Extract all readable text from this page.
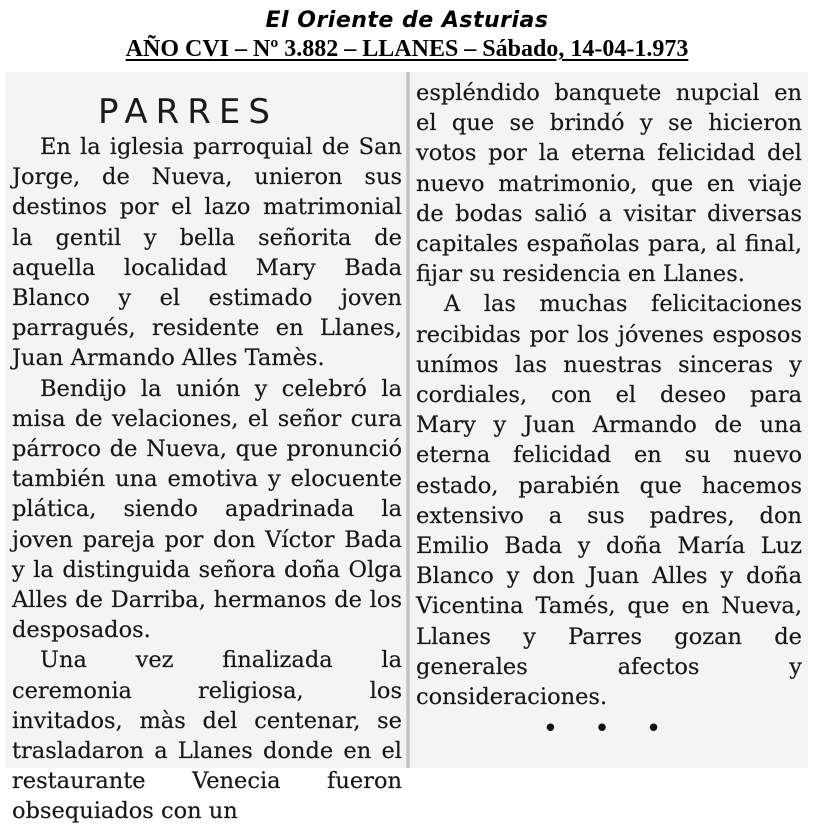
El Oriente de Asturias
AÑO CVI – Nº 3.882 – LLANES – Sábado, 14-04-1.973
PARRES

En la iglesia parroquial de San Jorge, de Nueva, unieron sus destinos por el lazo matrimonial la gentil y bella señorita de aquella localidad Mary Bada Blanco y el estimado joven parragués, residente en Llanes, Juan Armando Alles Tamès.

Bendijo la unión y celebró la misa de velaciones, el señor cura párroco de Nueva, que pronunció también una emotiva y elocuente plática, siendo apadrinada la joven pareja por don Víctor Bada y la distinguida señora doña Olga Alles de Darriba, hermanos de los desposados.

Una vez finalizada la ceremonia religiosa, los invitados, màs del centenar, se trasladaron a Llanes donde en el restaurante Venecia fueron obsequiados con un

espléndido banquete nupcial en el que se brindó y se hicieron votos por la eterna felicidad del nuevo matrimonio, que en viaje de bodas salió a visitar diversas capitales españolas para, al final, fijar su residencia en Llanes.

A las muchas felicitaciones recibidas por los jóvenes esposos unímos las nuestras sinceras y cordiales, con el deseo para Mary y Juan Armando de una eterna felicidad en su nuevo estado, parabién que hacemos extensivo a sus padres, don Emilio Bada y doña María Luz Blanco y don Juan Alles y doña Vicentina Tamés, que en Nueva, Llanes y Parres gozan de generales afectos y consideraciones.

• • •
